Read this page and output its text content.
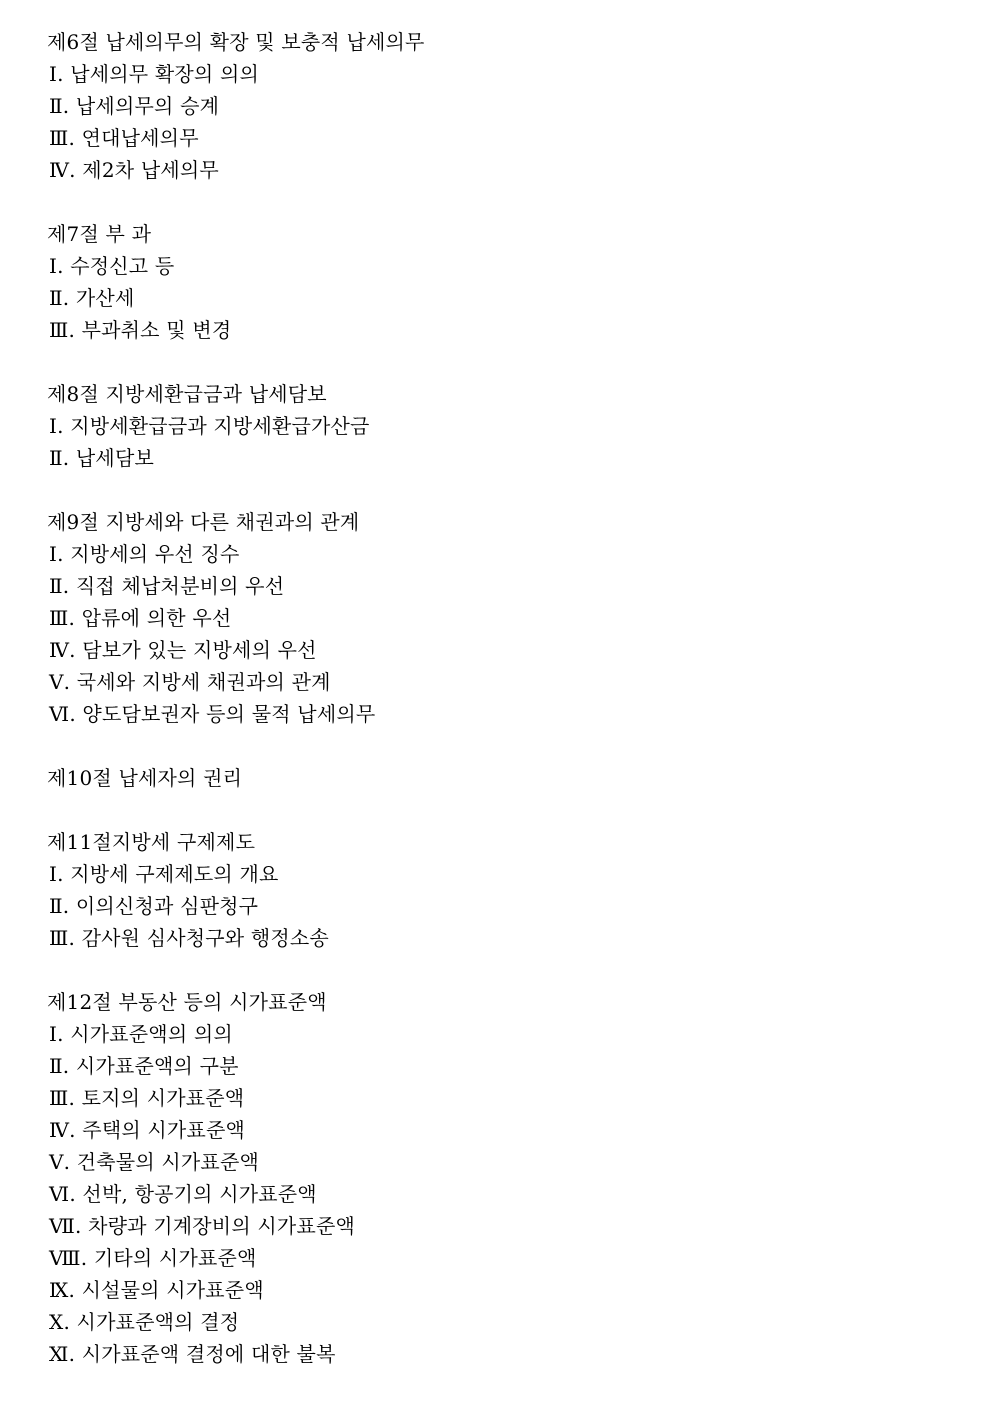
제6절 납세의무의 확장 및 보충적 납세의무
Ⅰ. 납세의무 확장의 의의
Ⅱ. 납세의무의 승계
Ⅲ. 연대납세의무
Ⅳ. 제2차 납세의무
제7절 부 과
Ⅰ. 수정신고 등
Ⅱ. 가산세
Ⅲ. 부과취소 및 변경
제8절 지방세환급금과 납세담보
Ⅰ. 지방세환급금과 지방세환급가산금
Ⅱ. 납세담보
제9절 지방세와 다른 채권과의 관계
Ⅰ. 지방세의 우선 징수
Ⅱ. 직접 체납처분비의 우선
Ⅲ. 압류에 의한 우선
Ⅳ. 담보가 있는 지방세의 우선
Ⅴ. 국세와 지방세 채권과의 관계
Ⅵ. 양도담보권자 등의 물적 납세의무
제10절 납세자의 권리
제11절지방세 구제제도
Ⅰ. 지방세 구제제도의 개요
Ⅱ. 이의신청과 심판청구
Ⅲ. 감사원 심사청구와 행정소송
제12절 부동산 등의 시가표준액
Ⅰ. 시가표준액의 의의
Ⅱ. 시가표준액의 구분
Ⅲ. 토지의 시가표준액
Ⅳ. 주택의 시가표준액
Ⅴ. 건축물의 시가표준액
Ⅵ. 선박, 항공기의 시가표준액
Ⅶ. 차량과 기계장비의 시가표준액
Ⅷ. 기타의 시가표준액
Ⅸ. 시설물의 시가표준액
Ⅹ. 시가표준액의 결정
Ⅺ. 시가표준액 결정에 대한 불복
